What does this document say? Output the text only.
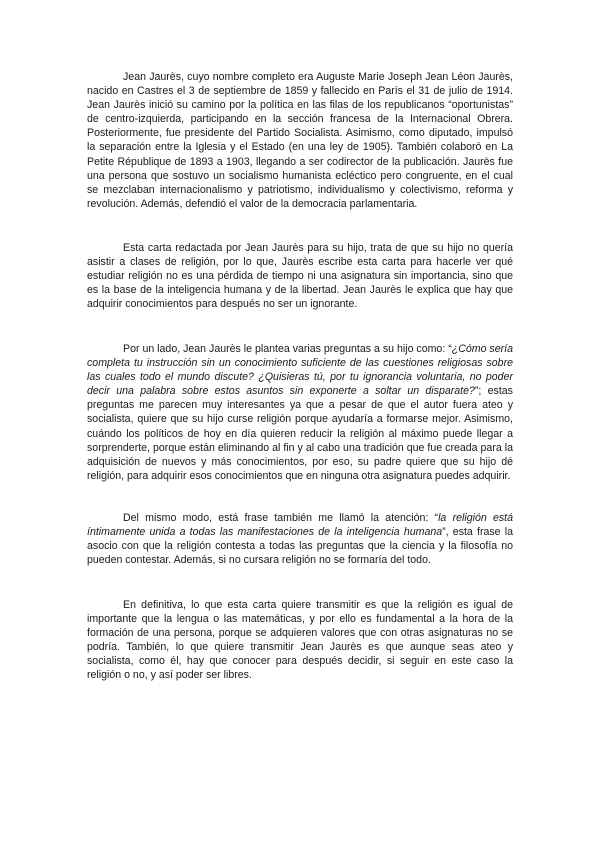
Jean Jaurès, cuyo nombre completo era Auguste Marie Joseph Jean Léon Jaurès, nacido en Castres el 3 de septiembre de 1859 y fallecido en París el 31 de julio de 1914. Jean Jaurès inició su camino por la política en las filas de los republicanos “oportunistas” de centro-izquierda, participando en la sección francesa de la Internacional Obrera. Posteriormente, fue presidente del Partido Socialista. Asimismo, como diputado, impulsó la separación entre la Iglesia y el Estado (en una ley de 1905). También colaboró en La Petite République de 1893 a 1903, llegando a ser codirector de la publicación. Jaurès fue una persona que sostuvo un socialismo humanista ecléctico pero congruente, en el cual se mezclaban internacionalismo y patriotismo, individualismo y colectivismo, reforma y revolución. Además, defendió el valor de la democracia parlamentaria.

Esta carta redactada por Jean Jaurès para su hijo, trata de que su hijo no quería asistir a clases de religión, por lo que, Jaurès escribe esta carta para hacerle ver qué estudiar religión no es una pérdida de tiempo ni una asignatura sin importancia, sino que es la base de la inteligencia humana y de la libertad. Jean Jaurès le explica que hay que adquirir conocimientos para después no ser un ignorante.

Por un lado, Jean Jaurès le plantea varias preguntas a su hijo como: “¿Cómo sería completa tu instrucción sin un conocimiento suficiente de las cuestiones religiosas sobre las cuales todo el mundo discute? ¿Quisieras tú, por tu ignorancia voluntaria, no poder decir una palabra sobre estos asuntos sin exponerte a soltar un disparate?”; estas preguntas me parecen muy interesantes ya que a pesar de que el autor fuera ateo y socialista, quiere que su hijo curse religión porque ayudaría a formarse mejor. Asimismo, cuándo los políticos de hoy en día quieren reducir la religión al máximo puede llegar a sorprenderte, porque están eliminando al fin y al cabo una tradición que fue creada para la adquisición de nuevos y más conocimientos, por eso, su padre quiere que su hijo dé religión, para adquirir esos conocimientos que en ninguna otra asignatura puedes adquirir.

Del mismo modo, está frase también me llamó la atención: “la religión está íntimamente unida a todas las manifestaciones de la inteligencia humana”, esta frase la asocio con que la religión contesta a todas las preguntas que la ciencia y la filosofía no pueden contestar. Además, si no cursara religión no se formaría del todo.

En definitiva, lo que esta carta quiere transmitir es que la religión es igual de importante que la lengua o las matemáticas, y por ello es fundamental a la hora de la formación de una persona, porque se adquieren valores que con otras asignaturas no se podría. También, lo que quiere transmitir Jean Jaurès es que aunque seas ateo y socialista, como él, hay que conocer para después decidir, si seguir en este caso la religión o no, y así poder ser libres.
